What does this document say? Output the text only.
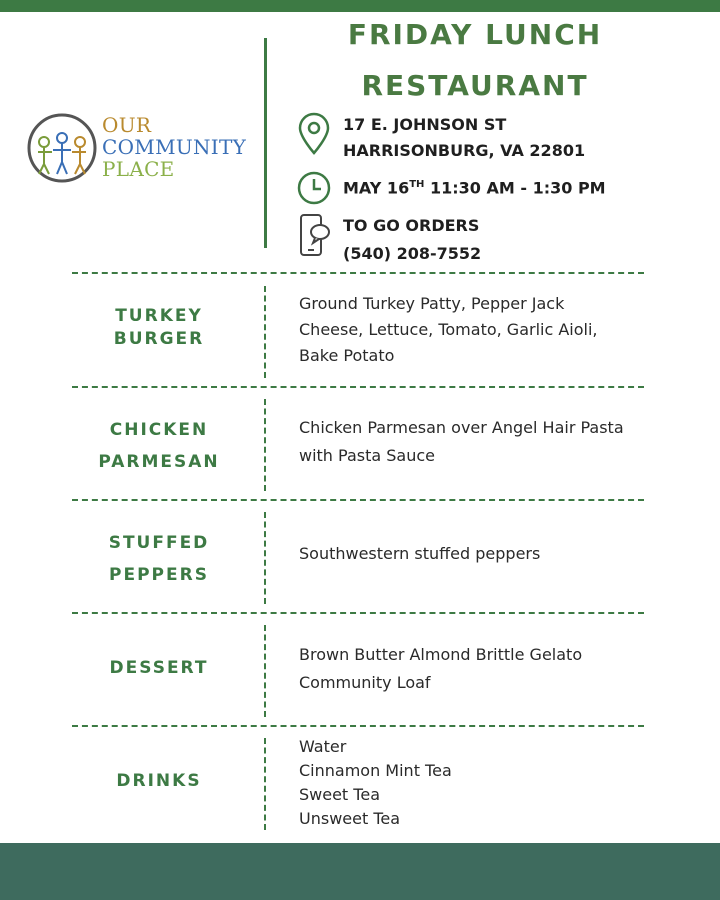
OUR
COMMUNITY
PLACE
FRIDAY LUNCH
RESTAURANT
17 E. JOHNSON ST
HARRISONBURG, VA 22801
MAY 16TH 11:30 AM - 1:30 PM
TO GO ORDERS
(540) 208-7552
TURKEY
BURGER
Ground Turkey Patty, Pepper Jack Cheese, Lettuce, Tomato, Garlic Aioli, Bake Potato
CHICKEN
PARMESAN
Chicken Parmesan over Angel Hair Pasta with Pasta Sauce
STUFFED
PEPPERS
Southwestern stuffed peppers
DESSERT
Brown Butter Almond Brittle Gelato
Community Loaf
DRINKS
Water
Cinnamon Mint Tea
Sweet Tea
Unsweet Tea
